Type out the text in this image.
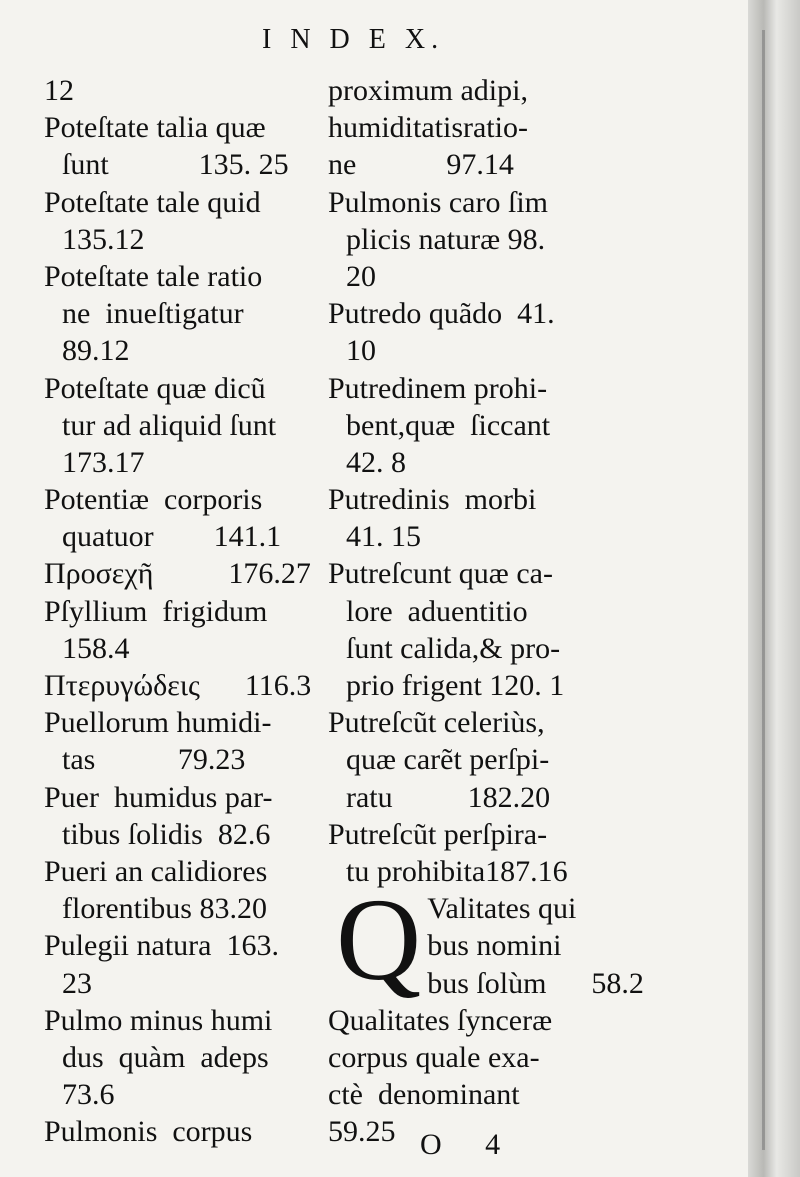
I N D E X.
12
Poteſtate talia quæ
ſunt            135. 25
Poteſtate tale quid
135.12
Poteſtate tale ratio
ne  inueſtigatur
89.12
Poteſtate quæ dicũ
tur ad aliquid ſunt
173.17
Potentiæ  corporis
quatuor        141.1
Προσεχῆ          176.27
Pſyllium  frigidum
158.4
Πτερυγώδεις      116.3
Puellorum humidi-
tas           79.23
Puer  humidus par-
tibus ſolidis  82.6
Pueri an calidiores
florentibus 83.20
Pulegii natura  163.
23
Pulmo minus humi
dus  quàm  adeps
73.6
Pulmonis  corpus
proximum adipi,
humiditatisratio-
ne            97.14
Pulmonis caro ſim
plicis naturæ 98.
20
Putredo quãdo  41.
10
Putredinem prohi-
bent,quæ  ſiccant
42. 8
Putredinis  morbi
41. 15
Putreſcunt quæ ca-
lore  aduentitio
ſunt calida,& pro-
prio frigent 120. 1
Putreſcũt celeriùs,
quæ carẽt perſpi-
ratu          182.20
Putreſcũt perſpira-
tu prohibita187.16
Q Valitates qui
bus nomini
bus ſolùm      58.2
Qualitates ſynceræ
corpus quale exa-
ctè  denominant
59.25 O 4
